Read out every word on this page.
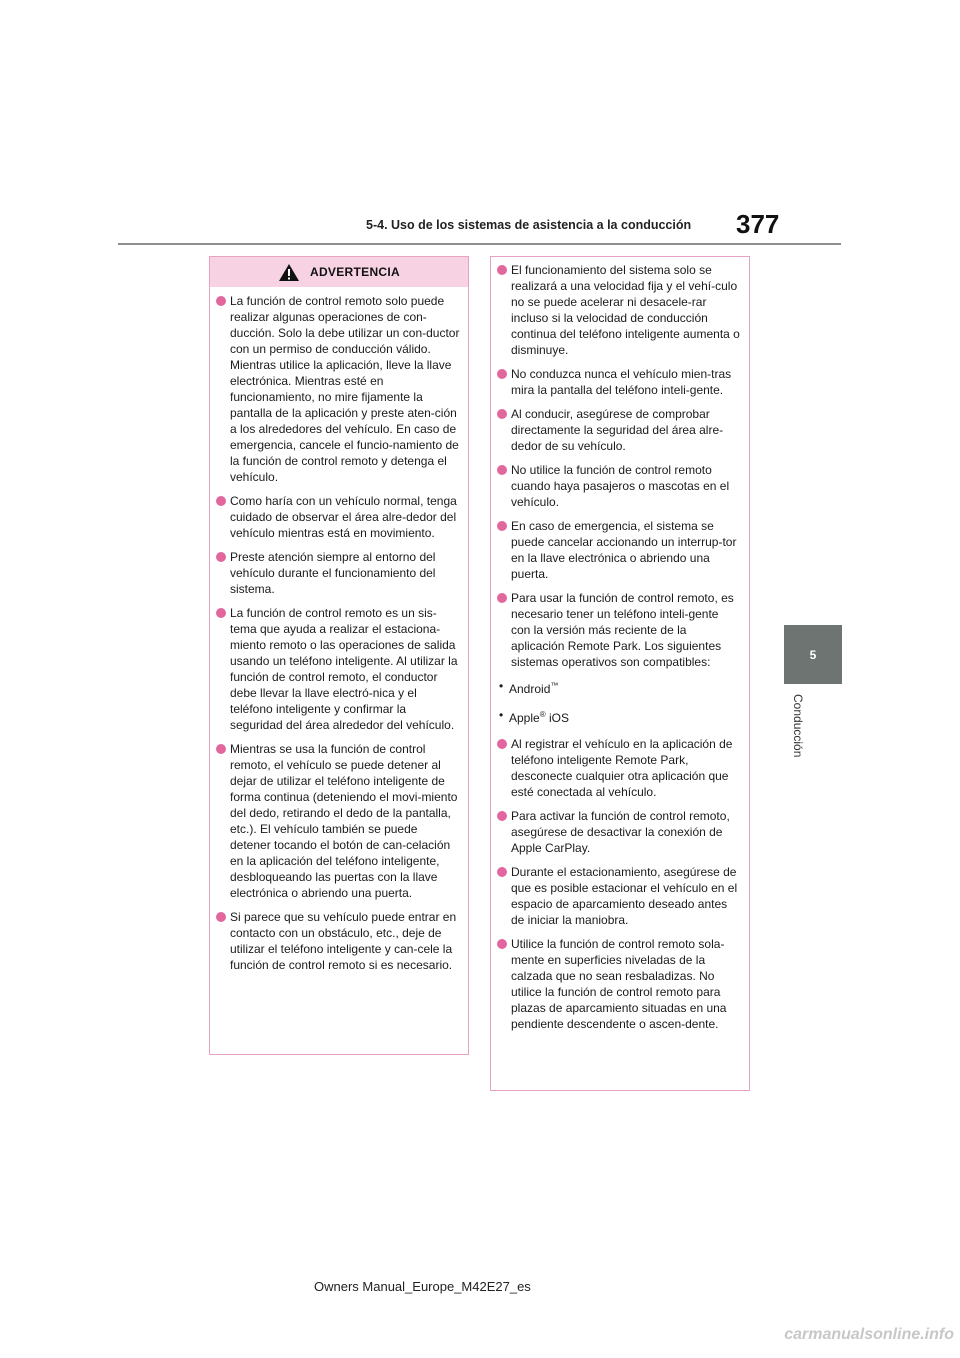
5-4. Uso de los sistemas de asistencia a la conducción 377
5
Conducción
ADVERTENCIA
La función de control remoto solo puede realizar algunas operaciones de con-ducción. Solo la debe utilizar un con-ductor con un permiso de conducción válido. Mientras utilice la aplicación, lleve la llave electrónica. Mientras esté en funcionamiento, no mire fijamente la pantalla de la aplicación y preste aten-ción a los alrededores del vehículo. En caso de emergencia, cancele el funcio-namiento de la función de control remoto y detenga el vehículo.
Como haría con un vehículo normal, tenga cuidado de observar el área alre-dedor del vehículo mientras está en movimiento.
Preste atención siempre al entorno del vehículo durante el funcionamiento del sistema.
La función de control remoto es un sis-tema que ayuda a realizar el estaciona-miento remoto o las operaciones de salida usando un teléfono inteligente. Al utilizar la función de control remoto, el conductor debe llevar la llave electró-nica y el teléfono inteligente y confirmar la seguridad del área alrededor del vehículo.
Mientras se usa la función de control remoto, el vehículo se puede detener al dejar de utilizar el teléfono inteligente de forma continua (deteniendo el movi-miento del dedo, retirando el dedo de la pantalla, etc.). El vehículo también se puede detener tocando el botón de can-celación en la aplicación del teléfono inteligente, desbloqueando las puertas con la llave electrónica o abriendo una puerta.
Si parece que su vehículo puede entrar en contacto con un obstáculo, etc., deje de utilizar el teléfono inteligente y can-cele la función de control remoto si es necesario.
El funcionamiento del sistema solo se realizará a una velocidad fija y el vehí-culo no se puede acelerar ni desacele-rar incluso si la velocidad de conducción continua del teléfono inteligente aumenta o disminuye.
No conduzca nunca el vehículo mien-tras mira la pantalla del teléfono inteli-gente.
Al conducir, asegúrese de comprobar directamente la seguridad del área alre-dedor de su vehículo.
No utilice la función de control remoto cuando haya pasajeros o mascotas en el vehículo.
En caso de emergencia, el sistema se puede cancelar accionando un interrup-tor en la llave electrónica o abriendo una puerta.
Para usar la función de control remoto, es necesario tener un teléfono inteli-gente con la versión más reciente de la aplicación Remote Park. Los siguientes sistemas operativos son compatibles:
• Android™
• Apple® iOS
Al registrar el vehículo en la aplicación de teléfono inteligente Remote Park, desconecte cualquier otra aplicación que esté conectada al vehículo.
Para activar la función de control remoto, asegúrese de desactivar la conexión de Apple CarPlay.
Durante el estacionamiento, asegúrese de que es posible estacionar el vehículo en el espacio de aparcamiento deseado antes de iniciar la maniobra.
Utilice la función de control remoto sola-mente en superficies niveladas de la calzada que no sean resbaladizas. No utilice la función de control remoto para plazas de aparcamiento situadas en una pendiente descendente o ascen-dente.
Owners Manual_Europe_M42E27_es
carmanualsonline.info
